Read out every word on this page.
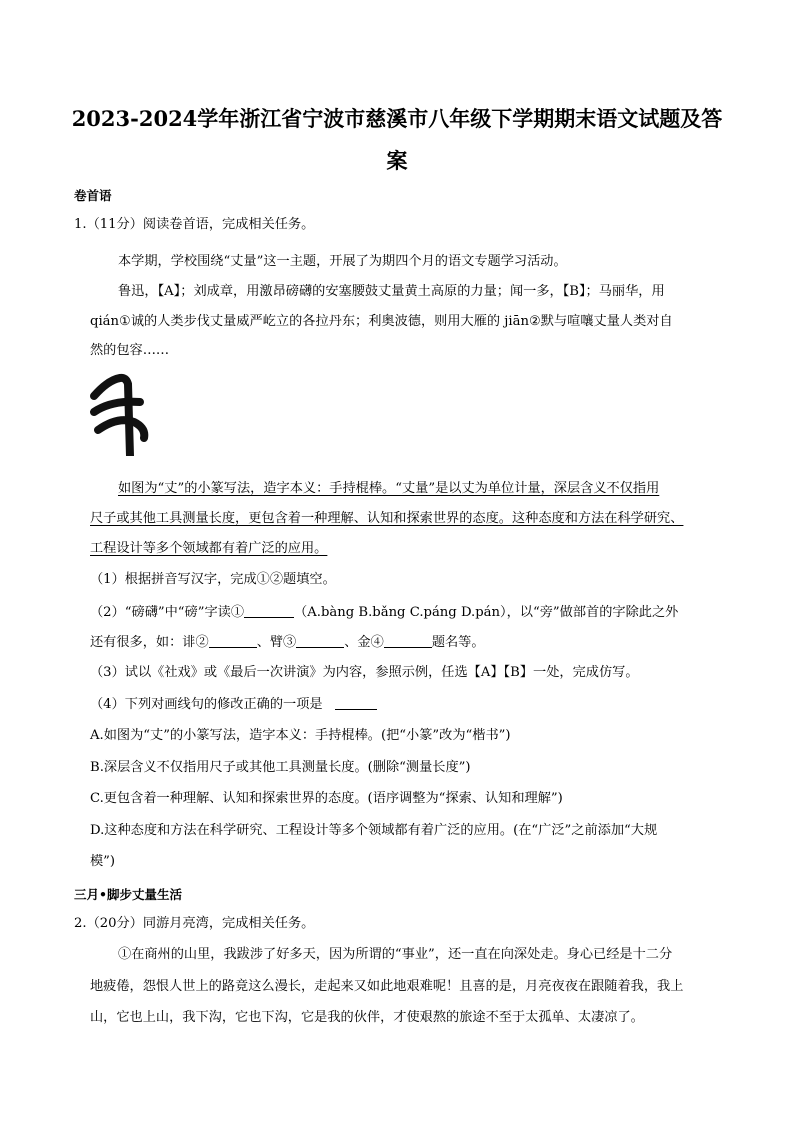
2023-2024学年浙江省宁波市慈溪市八年级下学期期末语文试题及答
案
卷首语
1.（11分）阅读卷首语，完成相关任务。
本学期，学校围绕“丈量”这一主题，开展了为期四个月的语文专题学习活动。
鲁迅，【A】；刘成章，用激昂磅礴的安塞腰鼓丈量黄土高原的力量；闻一多，【B】；马丽华，用
qián①诚的人类步伐丈量威严屹立的各拉丹东；利奥波德，则用大雁的 jiān②默与喧嚷丈量人类对自
然的包容……
如图为“丈”的小篆写法，造字本义：手持棍棒。“丈量”是以丈为单位计量，深层含义不仅指用
尺子或其他工具测量长度，更包含着一种理解、认知和探索世界的态度。这种态度和方法在科学研究、
工程设计等多个领域都有着广泛的应用。
（1）根据拼音写汉字，完成①②题填空。
（2）“磅礴”中“磅”字读①	（A.bàng B.bǎng C.páng D.pán），以“旁”做部首的字除此之外
还有很多，如：诽②	、臂③	、金④	题名等。
（3）试以《社戏》或《最后一次讲演》为内容，参照示例，任选【A】【B】一处，完成仿写。
（4）下列对画线句的修改正确的一项是
A.如图为“丈”的小篆写法，造字本义：手持棍棒。(把“小篆”改为“楷书”)
B.深层含义不仅指用尺子或其他工具测量长度。(删除“测量长度”)
C.更包含着一种理解、认知和探索世界的态度。(语序调整为“探索、认知和理解”)
D.这种态度和方法在科学研究、工程设计等多个领域都有着广泛的应用。(在“广泛”之前添加“大规
模”)
三月•脚步丈量生活
2.（20分）同游月亮湾，完成相关任务。
①在商州的山里，我跋涉了好多天，因为所谓的“事业”，还一直在向深处走。身心已经是十二分
地疲倦，怨恨人世上的路竟这么漫长，走起来又如此地艰难呢！且喜的是，月亮夜夜在跟随着我，我上
山，它也上山，我下沟，它也下沟，它是我的伙伴，才使艰熬的旅途不至于太孤单、太凄凉了。
